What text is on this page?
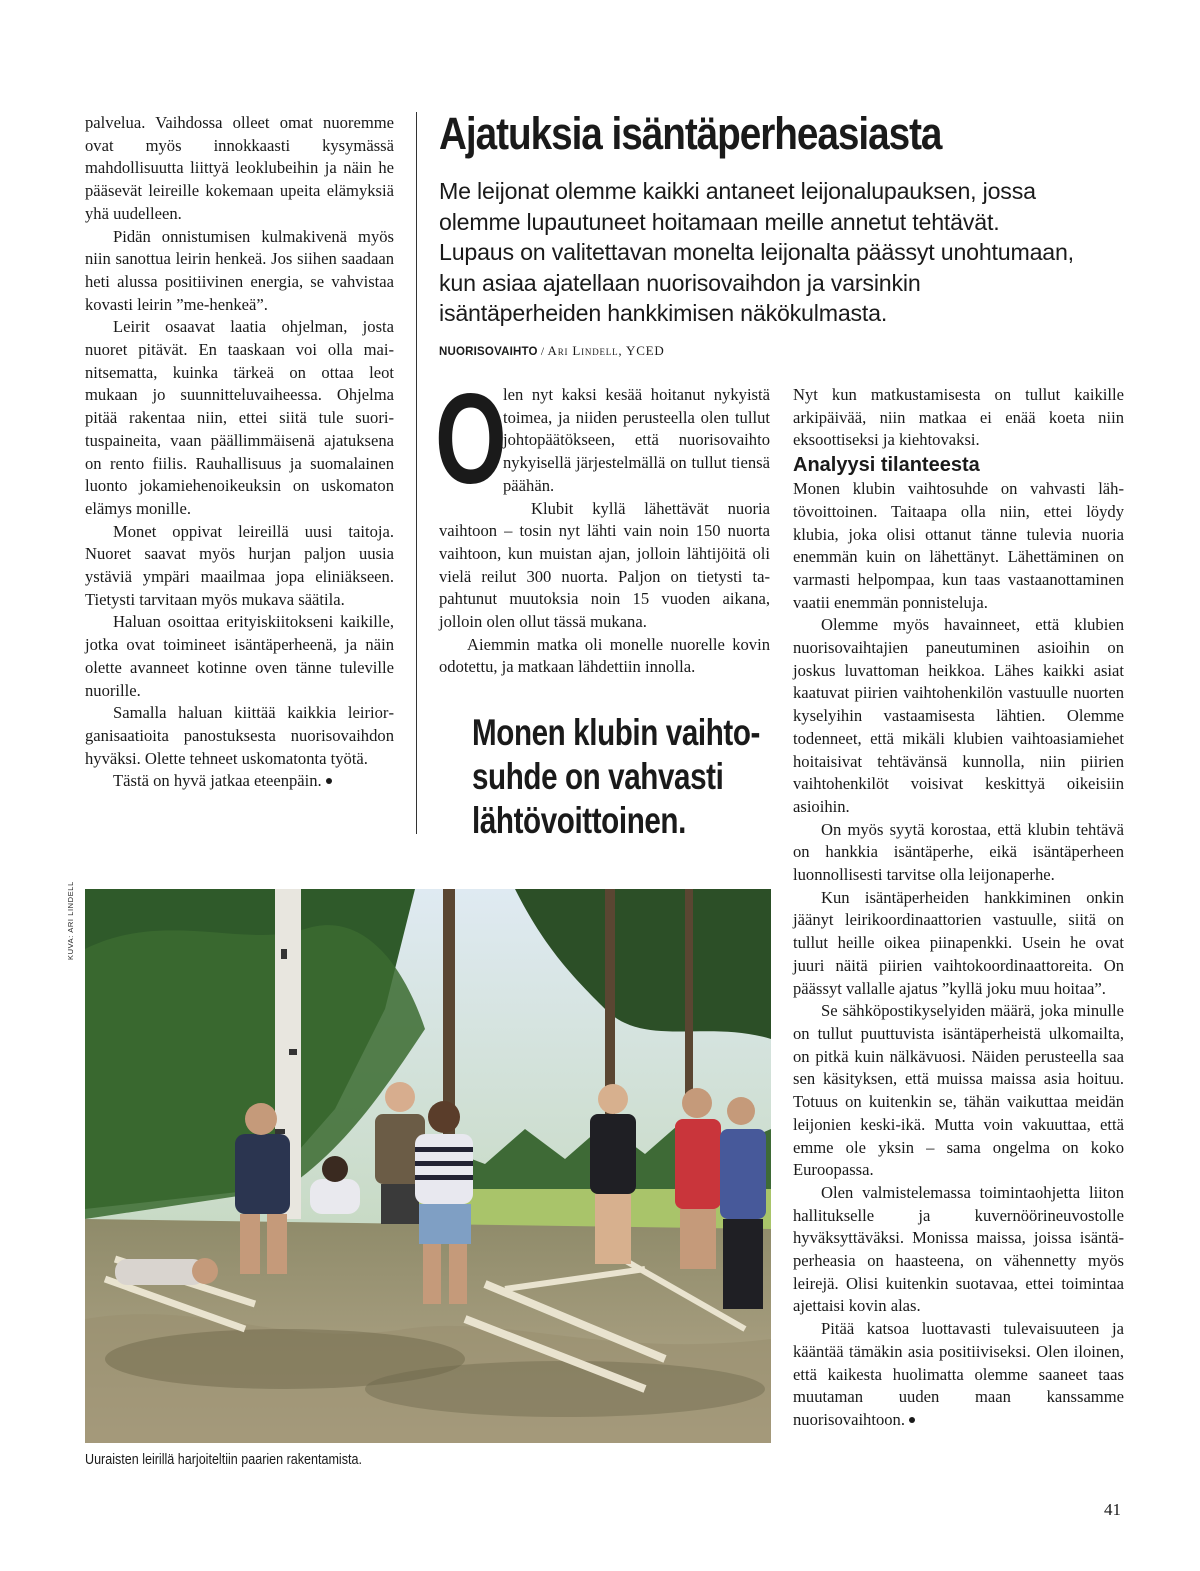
palvelua. Vaihdossa olleet omat nuoremme ovat myös innokkaasti kysymässä mahdollisuutta liittyä leoklubeihin ja näin he pääsevät leireille kokemaan upeita elämyksiä yhä uudelleen.

Pidän onnistumisen kulmakivenä myös niin sanottua leirin henkeä. Jos siihen saadaan heti alussa positiivinen energia, se vahvistaa kovasti leirin ”me-henkeä”.

Leirit osaavat laatia ohjelman, josta nuoret pitävät. En taaskaan voi olla mainitsematta, kuinka tärkeä on ottaa leot mukaan jo suunnitteluvaiheessa. Ohjelma pitää rakentaa niin, ettei siitä tule suorituspaineita, vaan päällimmäisenä ajatuksena on rento fiilis. Rauhallisuus ja suomalainen luonto jokamiehenoikeuksin on uskomaton elämys monille.

Monet oppivat leireillä uusi taitoja. Nuoret saavat myös hurjan paljon uusia ystäviä ympäri maailmaa jopa eliniäkseen. Tietysti tarvitaan myös mukava säätila.

Haluan osoittaa erityiskiitokseni kaikille, jotka ovat toimineet isäntäperheenä, ja näin olette avanneet kotinne oven tänne tuleville nuorille.

Samalla haluan kiittää kaikkia leiriorganisaatioita panostuksesta nuorisovaihdon hyväksi. Olette tehneet uskomatonta työtä.

Tästä on hyvä jatkaa eteenpäin.

Ajatuksia isäntäperheasiasta

Me leijonat olemme kaikki antaneet leijonalupauksen, jossa olemme lupautuneet hoitamaan meille annetut tehtävät. Lupaus on valitettavan monelta leijonalta päässyt unohtumaan, kun asiaa ajatellaan nuorisovaihdon ja varsinkin isäntäperheiden hankkimisen näkökulmasta.

NUORISOVAIHTO / Ari Lindell, YCED

O
len nyt kaksi kesää hoitanut nykyistä toimea, ja niiden perusteella olen tullut johtopäätökseen, että nuorisovaihto nykyisellä järjestelmällä on tullut tiensä päähän.

Klubit kyllä lähettävät nuoria vaihtoon – tosin nyt lähti vain noin 150 nuorta vaihtoon, kun muistan ajan, jolloin lähtijöitä oli vielä reilut 300 nuorta. Paljon on tietysti tapahtunut muutoksia noin 15 vuoden aikana, jolloin olen ollut tässä mukana.

Aiemmin matka oli monelle nuorelle kovin odotettu, ja matkaan lähdettiin innolla.

Monen klubin vaihto-
suhde on vahvasti
lähtövoittoinen.

Nyt kun matkustamisesta on tullut kaikille arkipäivää, niin matkaa ei enää koeta niin eksoottiseksi ja kiehtovaksi.

Analyysi tilanteesta

Monen klubin vaihtosuhde on vahvasti lähtövoittoinen. Taitaapa olla niin, ettei löydy klubia, joka olisi ottanut tänne tulevia nuoria enemmän kuin on lähettänyt. Lähettäminen on varmasti helpompaa, kun taas vastaanottaminen vaatii enemmän ponnisteluja.

Olemme myös havainneet, että klubien nuorisovaihtajien paneutuminen asioihin on joskus luvattoman heikkoa. Lähes kaikki asiat kaatuvat piirien vaihtohenkilön vastuulle nuorten kyselyihin vastaamisesta lähtien. Olemme todenneet, että mikäli klubien vaihtoasiamiehet hoitaisivat tehtävänsä kunnolla, niin piirien vaihtohenkilöt voisivat keskittyä oikeisiin asioihin.

On myös syytä korostaa, että klubin tehtävä on hankkia isäntäperhe, eikä isäntäperheen luonnollisesti tarvitse olla leijonaperhe.

Kun isäntäperheiden hankkiminen onkin jäänyt leirikoordinaattorien vastuulle, siitä on tullut heille oikea piinapenkki. Usein he ovat juuri näitä piirien vaihtokoordinaattoreita. On päässyt vallalle ajatus ”kyllä joku muu hoitaa”.

Se sähköpostikyselyiden määrä, joka minulle on tullut puuttuvista isäntäperheistä ulkomailta, on pitkä kuin nälkävuosi. Näiden perusteella saa sen käsityksen, että muissa maissa asia hoituu. Totuus on kuitenkin se, tähän vaikuttaa meidän leijonien keski-ikä. Mutta voin vakuuttaa, että emme ole yksin – sama ongelma on koko Euroopassa.

Olen valmistelemassa toimintaohjetta liiton hallitukselle ja kuvernöörineuvostolle hyväksyttäväksi. Monissa maissa, joissa isäntäperheasia on haasteena, on vähennetty myös leirejä. Olisi kuitenkin suotavaa, ettei toimintaa ajettaisi kovin alas.

Pitää katsoa luottavasti tulevaisuuteen ja kääntää tämäkin asia positiiviseksi. Olen iloinen, että kaikesta huolimatta olemme saaneet taas muutaman uuden maan kanssamme nuorisovaihtoon.

KUVA: ARI LINDELL
Uuraisten leirillä harjoiteltiin paarien rakentamista.
41
